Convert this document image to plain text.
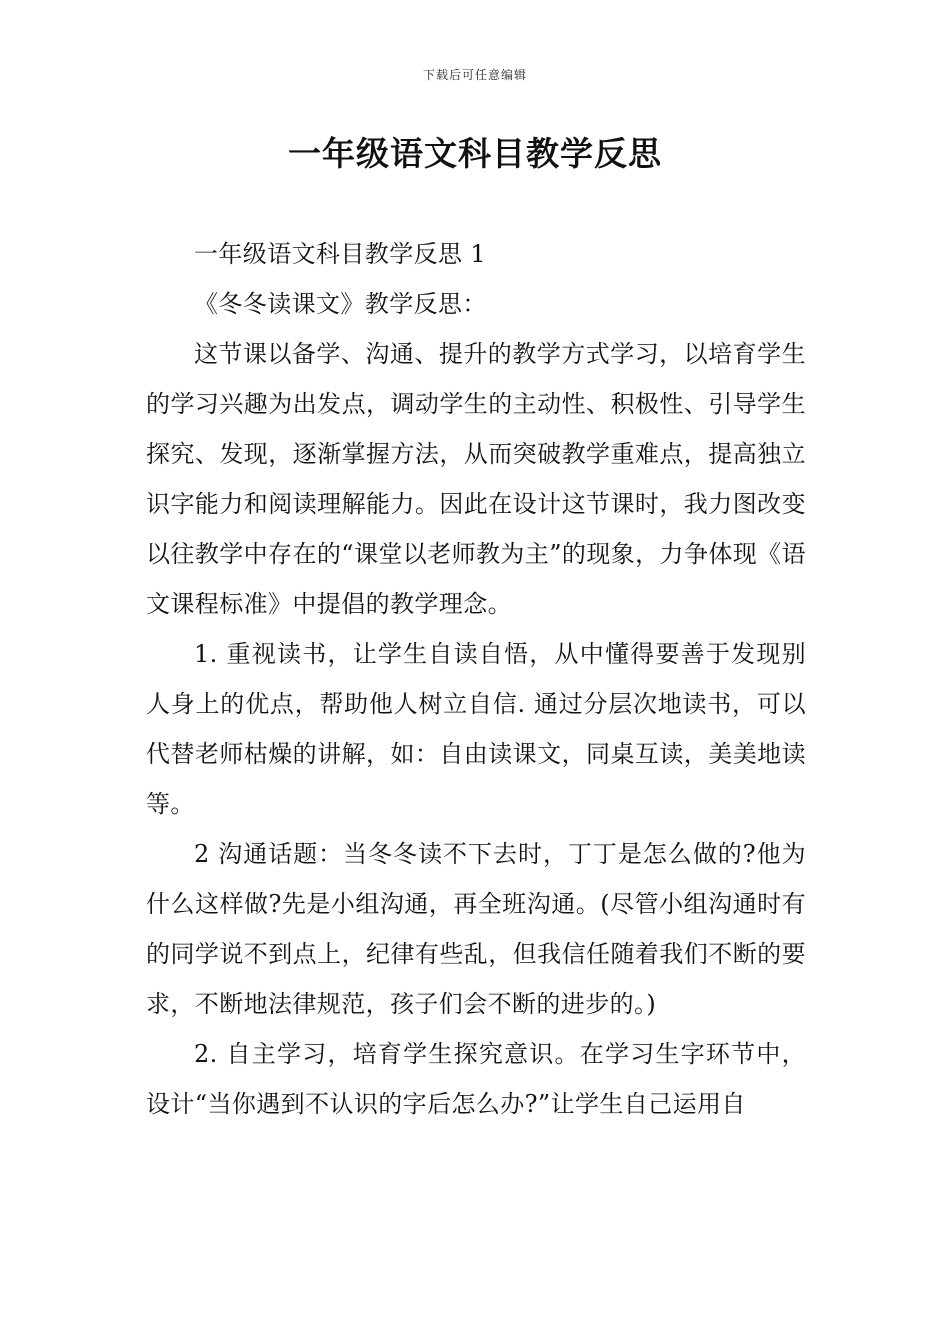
下载后可任意编辑
一年级语文科目教学反思

一年级语文科目教学反思 1

《冬冬读课文》教学反思：

这节课以备学、沟通、提升的教学方式学习，以培育学生的学习兴趣为出发点，调动学生的主动性、积极性、引导学生探究、发现，逐渐掌握方法，从而突破教学重难点，提高独立识字能力和阅读理解能力。因此在设计这节课时，我力图改变以往教学中存在的“课堂以老师教为主”的现象，力争体现《语文课程标准》中提倡的教学理念。

1. 重视读书，让学生自读自悟，从中懂得要善于发现别人身上的优点，帮助他人树立自信. 通过分层次地读书，可以代替老师枯燥的讲解，如：自由读课文，同桌互读，美美地读等。

2 沟通话题：当冬冬读不下去时，丁丁是怎么做的?他为什么这样做?先是小组沟通，再全班沟通。(尽管小组沟通时有的同学说不到点上，纪律有些乱，但我信任随着我们不断的要求，不断地法律规范，孩子们会不断的进步的。)

2. 自主学习，培育学生探究意识。在学习生字环节中，设计“当你遇到不认识的字后怎么办?”让学生自己运用自
